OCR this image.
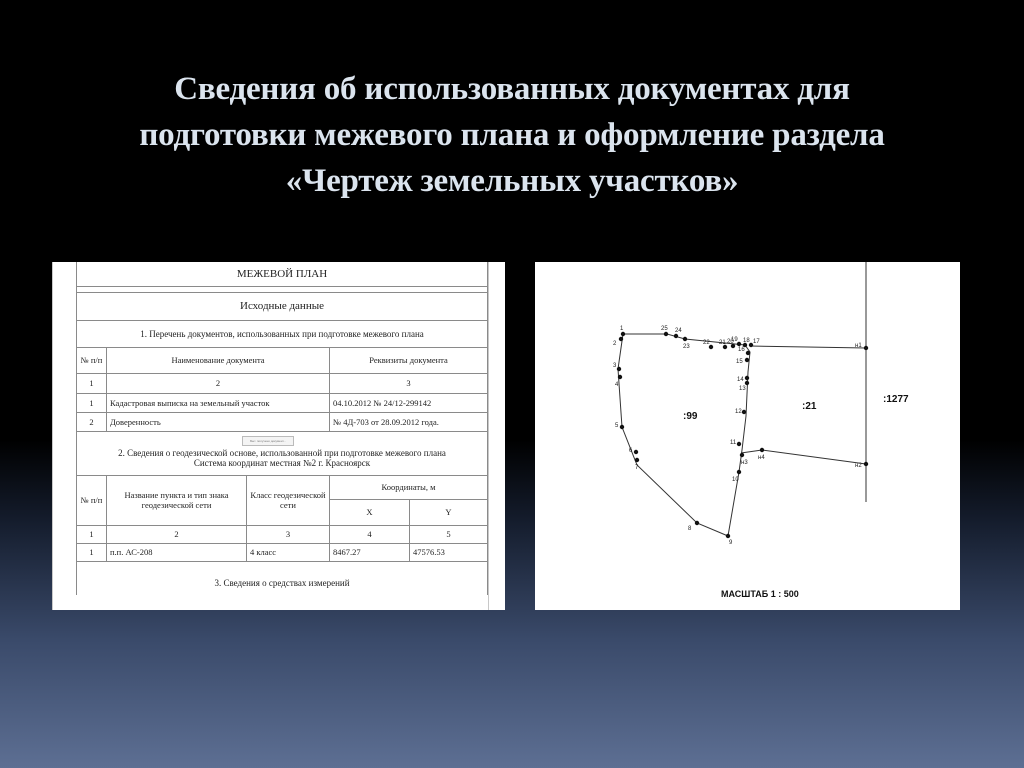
Сведения об использованных документах для
подготовки межевого плана и оформление раздела
«Чертеж земельных участков»
МЕЖЕВОЙ ПЛАН				

Исходные данные				
1. Перечень документов, использованных при подготовке межевого плана				
№ п/п	Наименование документа		Реквизиты документа	
1	2		3	
1	Кадастровая выписка на земельный участок		04.10.2012 № 24/12-299142	
2	Доверенность		№ 4Д-703 от 28.09.2012 года.	

2. Сведения о геодезической основе, использованной при подготовке межевого плана
Система координат местная №2 г. Красноярск				

№ п/п	Название пункта и тип знака геодезической сети	Класс геодезической сети	Координаты, м	
			X	Y
1	2	3	4	5
1	п.п. АС-208	4 класс	8467.27	47576.53

3. Сведения о средствах измерений				
Быт. получено документ...
1
2
3
4
5
6
7
8
9
10
11
12
13
14
15
16
17
18
19
20
21
22
23
24
25
н1
н2
н3
н4
:99
:21
:1277
МАСШТАБ 1 : 500
